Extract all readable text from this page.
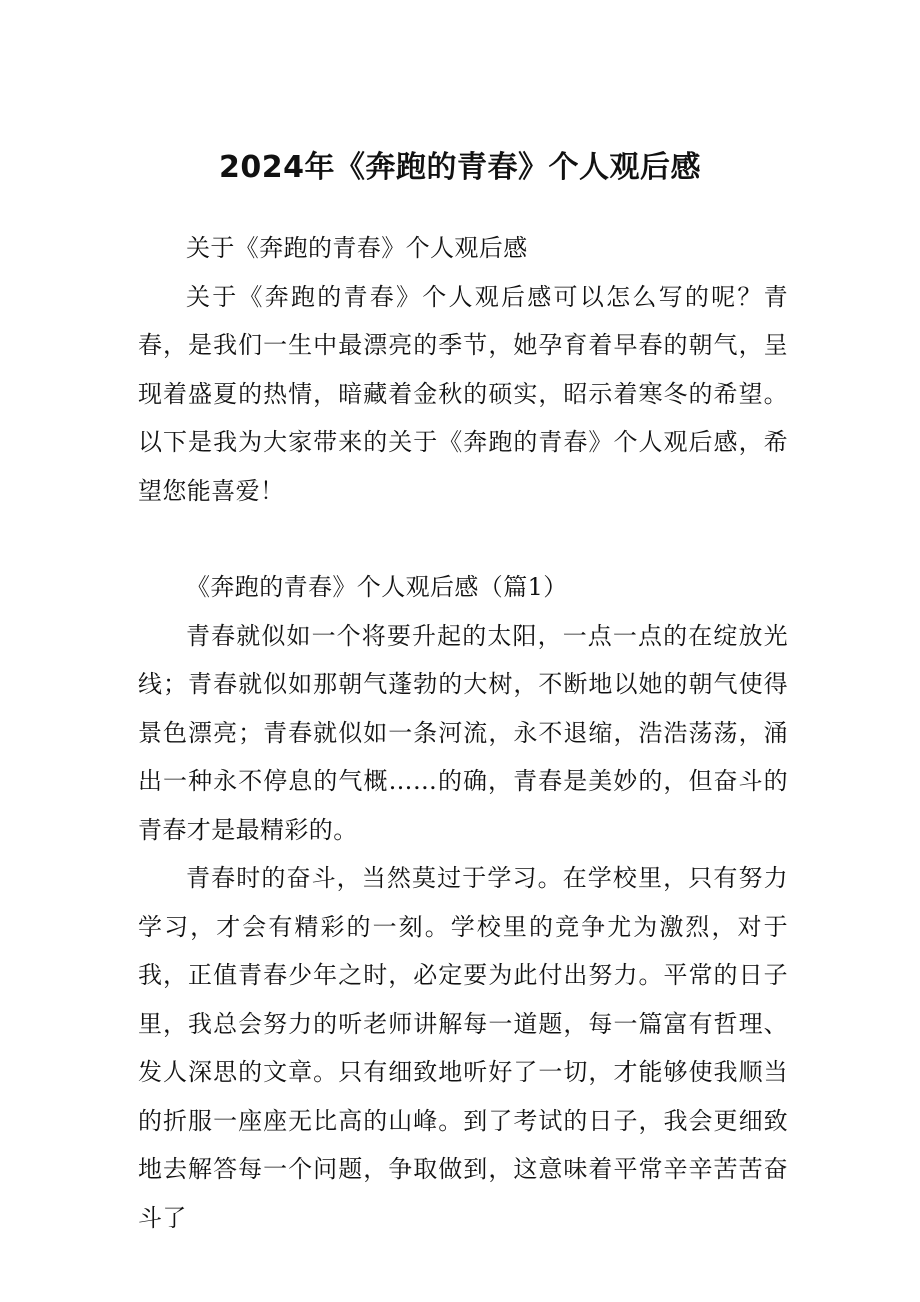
2024年《奔跑的青春》个人观后感

关于《奔跑的青春》个人观后感

关于《奔跑的青春》个人观后感可以怎么写的呢？青春，是我们一生中最漂亮的季节，她孕育着早春的朝气，呈现着盛夏的热情，暗藏着金秋的硕实，昭示着寒冬的希望。以下是我为大家带来的关于《奔跑的青春》个人观后感，希望您能喜爱！

《奔跑的青春》个人观后感（篇1）

青春就似如一个将要升起的太阳，一点一点的在绽放光线；青春就似如那朝气蓬勃的大树，不断地以她的朝气使得景色漂亮；青春就似如一条河流，永不退缩，浩浩荡荡，涌出一种永不停息的气概……的确，青春是美妙的，但奋斗的青春才是最精彩的。

青春时的奋斗，当然莫过于学习。在学校里，只有努力学习，才会有精彩的一刻。学校里的竞争尤为激烈，对于我，正值青春少年之时，必定要为此付出努力。平常的日子里，我总会努力的听老师讲解每一道题，每一篇富有哲理、发人深思的文章。只有细致地听好了一切，才能够使我顺当的折服一座座无比高的山峰。到了考试的日子，我会更细致地去解答每一个问题，争取做到，这意味着平常辛辛苦苦奋斗了
